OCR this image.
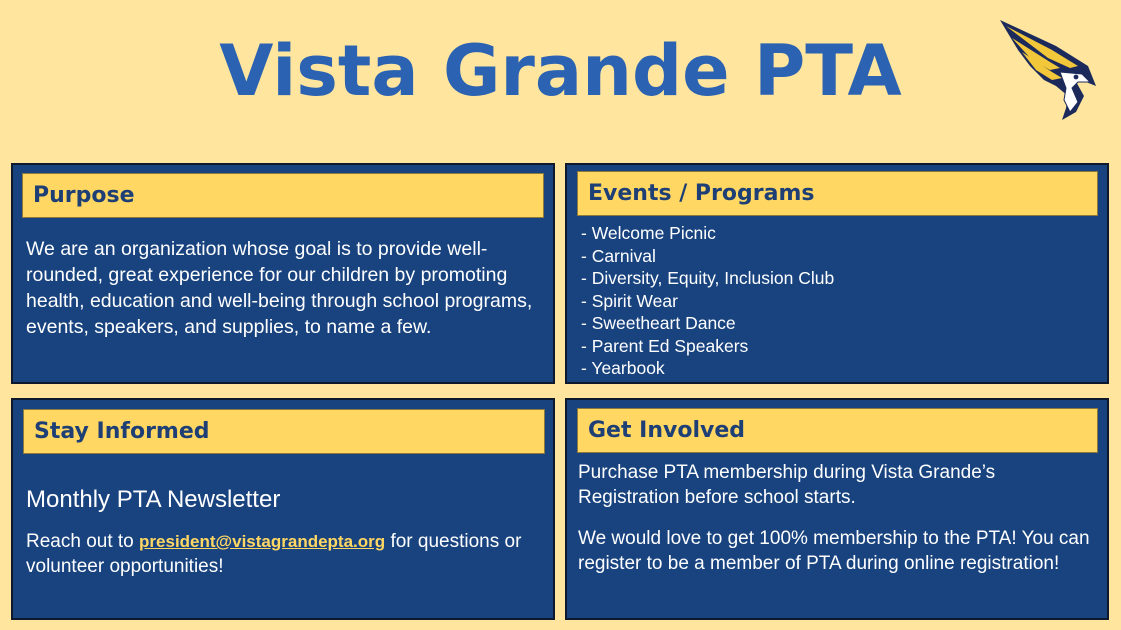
Vista Grande PTA
Purpose
We are an organization whose goal is to provide well-rounded, great experience for our children by promoting health, education and well-being through school programs, events, speakers, and supplies, to name a few.
Events / Programs
- Welcome Picnic
- Carnival
- Diversity, Equity, Inclusion Club
- Spirit Wear
- Sweetheart Dance
- Parent Ed Speakers
- Yearbook
Stay Informed
Monthly PTA Newsletter
Reach out to president@vistagrandepta.org for questions or volunteer opportunities!
Get Involved
Purchase PTA membership during Vista Grande’s Registration before school starts.
We would love to get 100% membership to the PTA! You can register to be a member of PTA during online registration!
